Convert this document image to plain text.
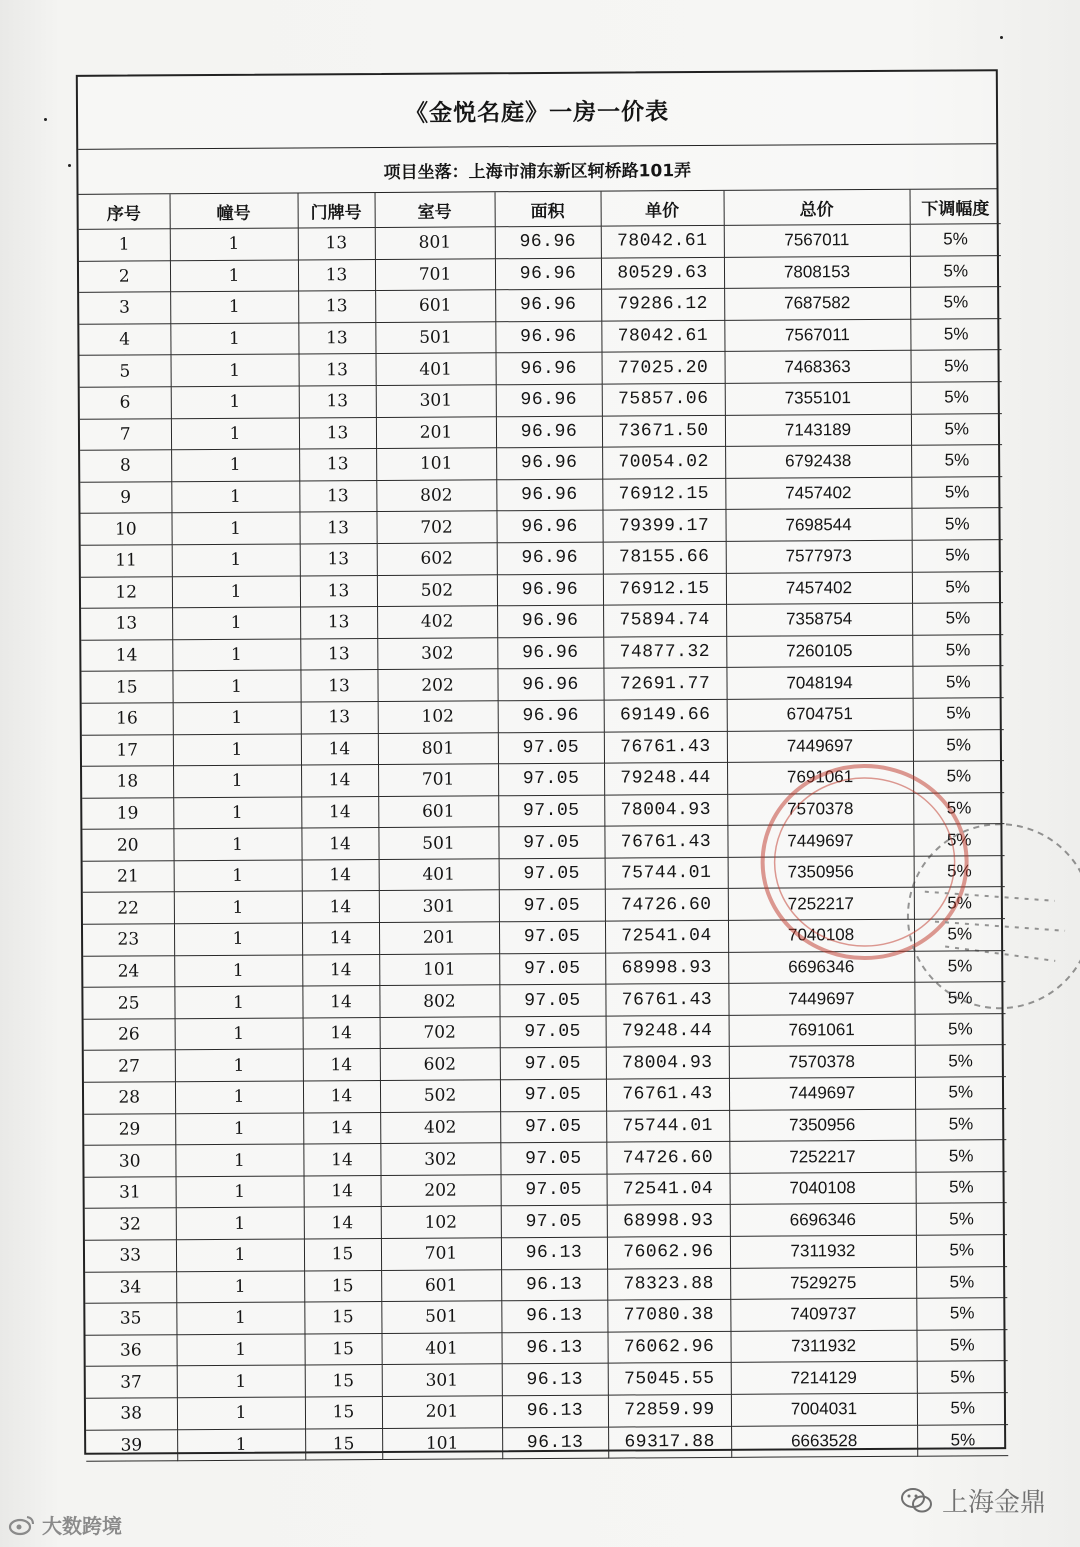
《金悦名庭》一房一价表
项目坐落：上海市浦东新区轲桥路101弄
序号	幢号	门牌号	室号	面积	单价	总价	下调幅度
1	1	13	801	96.96	78042.61	7567011	5%
2	1	13	701	96.96	80529.63	7808153	5%
3	1	13	601	96.96	79286.12	7687582	5%
4	1	13	501	96.96	78042.61	7567011	5%
5	1	13	401	96.96	77025.20	7468363	5%
6	1	13	301	96.96	75857.06	7355101	5%
7	1	13	201	96.96	73671.50	7143189	5%
8	1	13	101	96.96	70054.02	6792438	5%
9	1	13	802	96.96	76912.15	7457402	5%
10	1	13	702	96.96	79399.17	7698544	5%
11	1	13	602	96.96	78155.66	7577973	5%
12	1	13	502	96.96	76912.15	7457402	5%
13	1	13	402	96.96	75894.74	7358754	5%
14	1	13	302	96.96	74877.32	7260105	5%
15	1	13	202	96.96	72691.77	7048194	5%
16	1	13	102	96.96	69149.66	6704751	5%
17	1	14	801	97.05	76761.43	7449697	5%
18	1	14	701	97.05	79248.44	7691061	5%
19	1	14	601	97.05	78004.93	7570378	5%
20	1	14	501	97.05	76761.43	7449697	5%
21	1	14	401	97.05	75744.01	7350956	5%
22	1	14	301	97.05	74726.60	7252217	5%
23	1	14	201	97.05	72541.04	7040108	5%
24	1	14	101	97.05	68998.93	6696346	5%
25	1	14	802	97.05	76761.43	7449697	5%
26	1	14	702	97.05	79248.44	7691061	5%
27	1	14	602	97.05	78004.93	7570378	5%
28	1	14	502	97.05	76761.43	7449697	5%
29	1	14	402	97.05	75744.01	7350956	5%
30	1	14	302	97.05	74726.60	7252217	5%
31	1	14	202	97.05	72541.04	7040108	5%
32	1	14	102	97.05	68998.93	6696346	5%
33	1	15	701	96.13	76062.96	7311932	5%
34	1	15	601	96.13	78323.88	7529275	5%
35	1	15	501	96.13	77080.38	7409737	5%
36	1	15	401	96.13	76062.96	7311932	5%
37	1	15	301	96.13	75045.55	7214129	5%
38	1	15	201	96.13	72859.99	7004031	5%
39	1	15	101	96.13	69317.88	6663528	5%
大数跨境
上海金鼎
